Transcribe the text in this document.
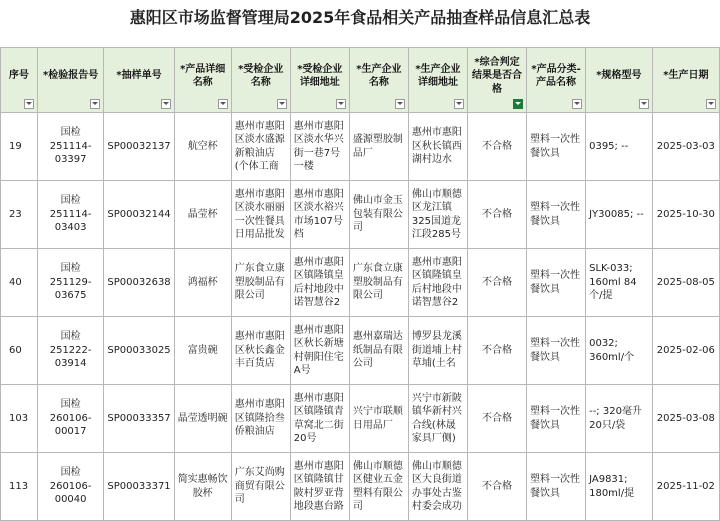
惠阳区市场监督管理局2025年食品相关产品抽查样品信息汇总表
序号	*检验报告号	*抽样单号	*产品详细名称	*受检企业名称	*受检企业详细地址	*生产企业名称	*生产企业详细地址	*综合判定结果是否合格	*产品分类-产品名称	*规格型号	*生产日期

19	国检251114-03397	SP00032137	航空杯	惠州市惠阳区淡水盛源新粮油店(个体工商	惠州市惠阳区淡水华兴街一巷7号一楼	盛源塑胶制品厂	惠州市惠阳区秋长镇西湖村边水	不合格	塑料一次性餐饮具	0395; --	2025-03-03
23	国检251114-03403	SP00032144	晶莹杯	惠州市惠阳区淡水丽丽一次性餐具日用品批发	惠州市惠阳区淡水裕兴市场107号档	佛山市金玉包装有限公司	佛山市顺德区龙江镇325国道龙江段285号	不合格	塑料一次性餐饮具	JY30085; --	2025-10-30
40	国检251129-03675	SP00032638	鸿福杯	广东食立康塑胶制品有限公司	惠州市惠阳区镇隆镇皇后村地段中诺智慧谷2	广东食立康塑胶制品有限公司	惠州市惠阳区镇隆镇皇后村地段中诺智慧谷2	不合格	塑料一次性餐饮具	SLK-033; 160ml 84个/提	2025-08-05
60	国检251222-03914	SP00033025	富贵碗	惠州市惠阳区秋长鑫金丰百货店	惠州市惠阳区秋长新塘村朝阳住宅A号	惠州嘉瑞达纸制品有限公司	博罗县龙溪街道埔上村草埔(土名	不合格	塑料一次性餐饮具	0032; 360ml/个	2025-02-06
103	国检260106-00017	SP00033357	晶莹透明碗	惠州市惠阳区镇隆拾叁侨粮油店	惠州市惠阳区镇隆镇青草窝北二街20号	兴宁市联顺日用品厂	兴宁市新陂镇华新村兴合线(林晟家具厂侧)	不合格	塑料一次性餐饮具	--; 320毫升 20只/袋	2025-03-08
113	国检260106-00040	SP00033371	简实惠畅饮胶杯	广东艾尚购商贸有限公司	惠州市惠阳区镇隆镇甘陂村罗亚背地段惠台路	佛山市顺德区健业五金塑料有限公司	佛山市顺德区大良街道办事处古鉴村委会成功	不合格	塑料一次性餐饮具	JA9831; 180ml/提	2025-11-02
